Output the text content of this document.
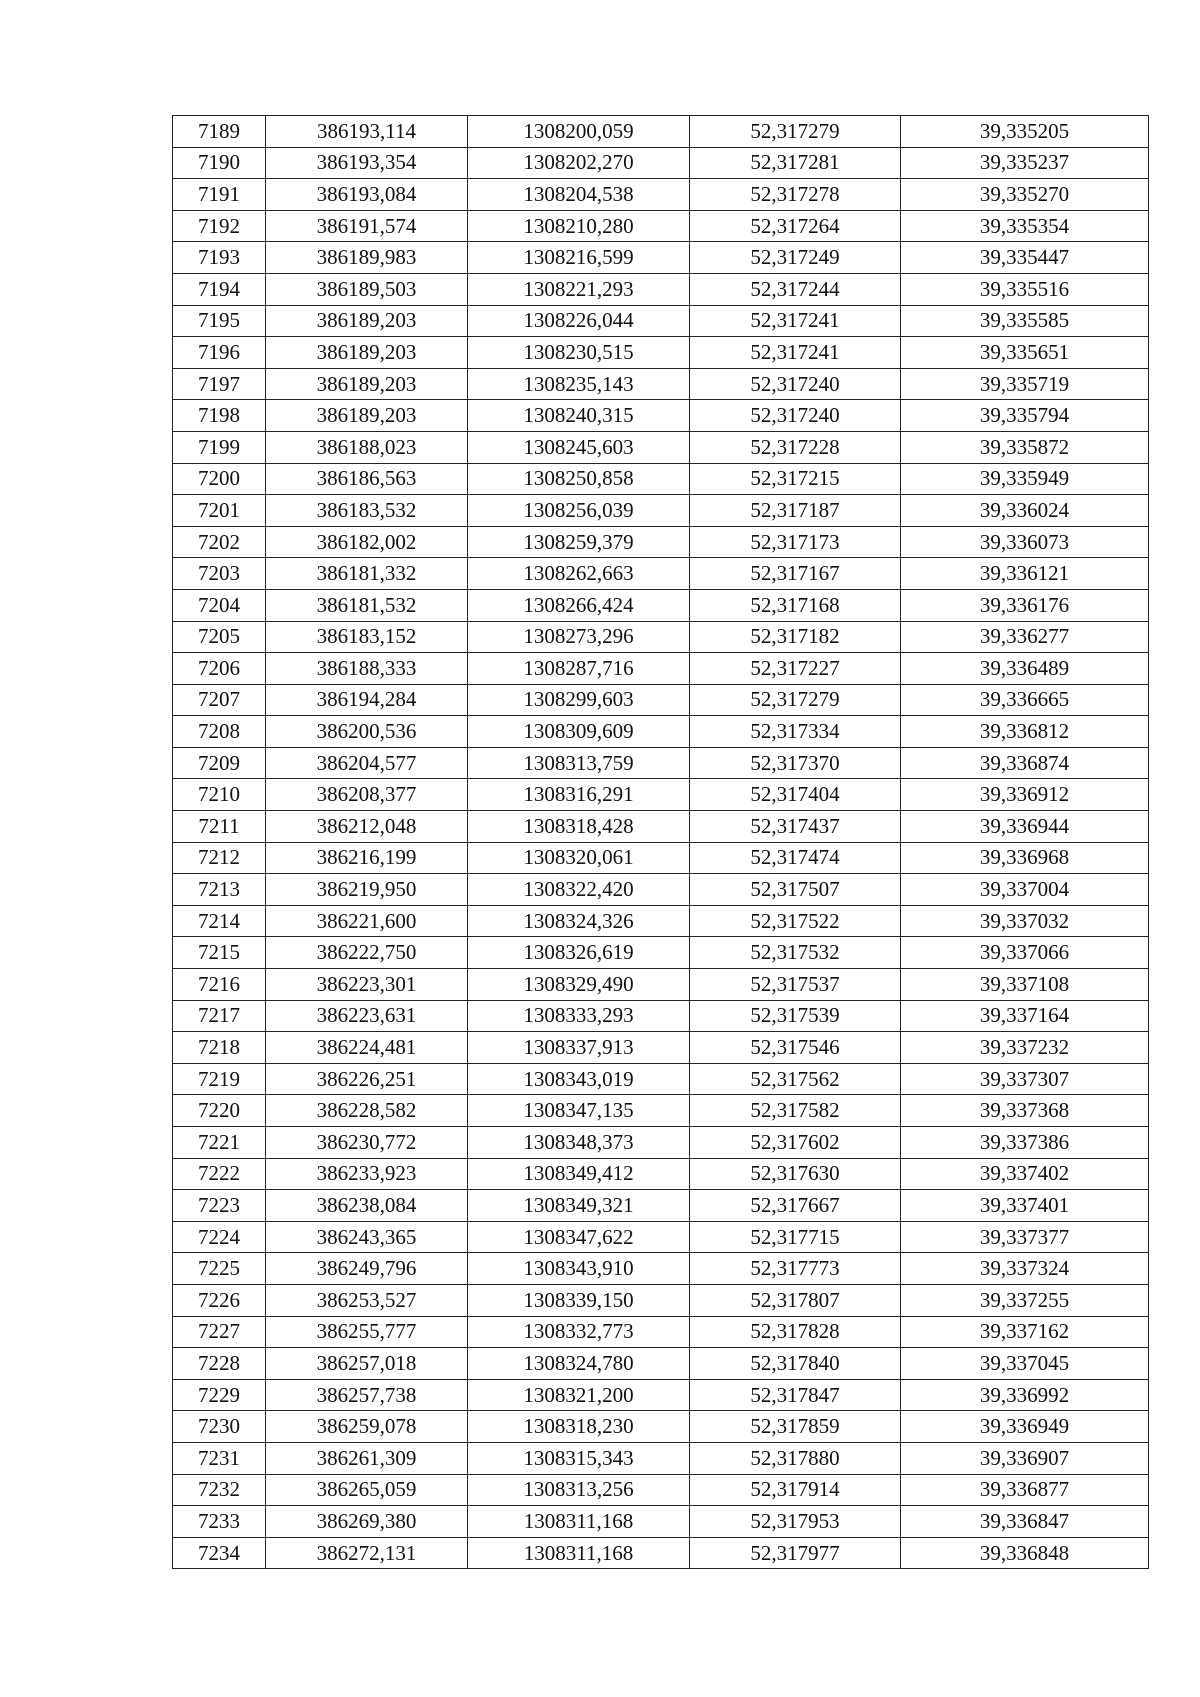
7189	386193,114	1308200,059	52,317279	39,335205
7190	386193,354	1308202,270	52,317281	39,335237
7191	386193,084	1308204,538	52,317278	39,335270
7192	386191,574	1308210,280	52,317264	39,335354
7193	386189,983	1308216,599	52,317249	39,335447
7194	386189,503	1308221,293	52,317244	39,335516
7195	386189,203	1308226,044	52,317241	39,335585
7196	386189,203	1308230,515	52,317241	39,335651
7197	386189,203	1308235,143	52,317240	39,335719
7198	386189,203	1308240,315	52,317240	39,335794
7199	386188,023	1308245,603	52,317228	39,335872
7200	386186,563	1308250,858	52,317215	39,335949
7201	386183,532	1308256,039	52,317187	39,336024
7202	386182,002	1308259,379	52,317173	39,336073
7203	386181,332	1308262,663	52,317167	39,336121
7204	386181,532	1308266,424	52,317168	39,336176
7205	386183,152	1308273,296	52,317182	39,336277
7206	386188,333	1308287,716	52,317227	39,336489
7207	386194,284	1308299,603	52,317279	39,336665
7208	386200,536	1308309,609	52,317334	39,336812
7209	386204,577	1308313,759	52,317370	39,336874
7210	386208,377	1308316,291	52,317404	39,336912
7211	386212,048	1308318,428	52,317437	39,336944
7212	386216,199	1308320,061	52,317474	39,336968
7213	386219,950	1308322,420	52,317507	39,337004
7214	386221,600	1308324,326	52,317522	39,337032
7215	386222,750	1308326,619	52,317532	39,337066
7216	386223,301	1308329,490	52,317537	39,337108
7217	386223,631	1308333,293	52,317539	39,337164
7218	386224,481	1308337,913	52,317546	39,337232
7219	386226,251	1308343,019	52,317562	39,337307
7220	386228,582	1308347,135	52,317582	39,337368
7221	386230,772	1308348,373	52,317602	39,337386
7222	386233,923	1308349,412	52,317630	39,337402
7223	386238,084	1308349,321	52,317667	39,337401
7224	386243,365	1308347,622	52,317715	39,337377
7225	386249,796	1308343,910	52,317773	39,337324
7226	386253,527	1308339,150	52,317807	39,337255
7227	386255,777	1308332,773	52,317828	39,337162
7228	386257,018	1308324,780	52,317840	39,337045
7229	386257,738	1308321,200	52,317847	39,336992
7230	386259,078	1308318,230	52,317859	39,336949
7231	386261,309	1308315,343	52,317880	39,336907
7232	386265,059	1308313,256	52,317914	39,336877
7233	386269,380	1308311,168	52,317953	39,336847
7234	386272,131	1308311,168	52,317977	39,336848
